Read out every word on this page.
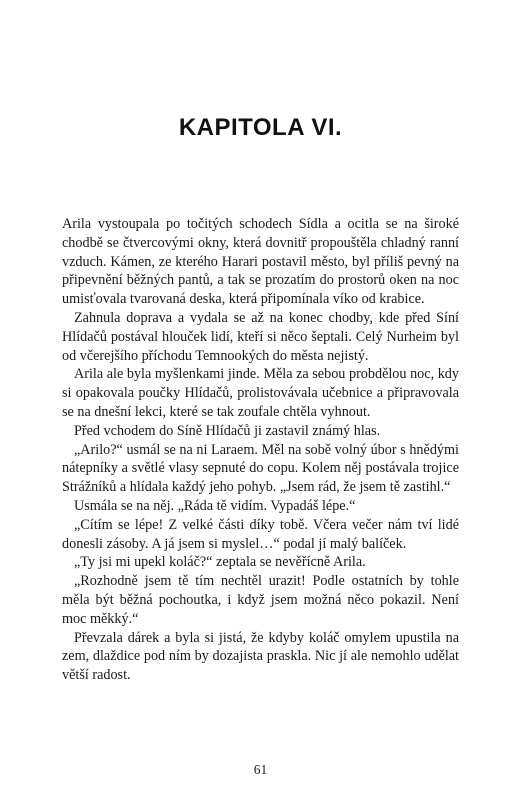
KAPITOLA VI.

Arila vystoupala po točitých schodech Sídla a ocitla se na široké chodbě se čtvercovými okny, která dovnitř propouštěla chladný ranní vzduch. Kámen, ze kterého Harari postavil město, byl příliš pevný na připevnění běžných pantů, a tak se prozatím do prostorů oken na noc umisťovala tvarovaná deska, která připomínala víko od krabice.

Zahnula doprava a vydala se až na konec chodby, kde před Síní Hlídačů postával hlouček lidí, kteří si něco šeptali. Celý Nurheim byl od včerejšího příchodu Temnookých do města nejistý.

Arila ale byla myšlenkami jinde. Měla za sebou probdělou noc, kdy si opakovala poučky Hlídačů, prolistovávala učebnice a připravovala se na dnešní lekci, které se tak zoufale chtěla vyhnout.

Před vchodem do Síně Hlídačů ji zastavil známý hlas.

„Arilo?“ usmál se na ni Laraem. Měl na sobě volný úbor s hnědými nátepníky a světlé vlasy sepnuté do copu. Kolem něj postávala trojice Strážníků a hlídala každý jeho pohyb. „Jsem rád, že jsem tě zastihl.“

Usmála se na něj. „Ráda tě vidím. Vypadáš lépe.“

„Cítím se lépe! Z velké části díky tobě. Včera večer nám tví lidé donesli zásoby. A já jsem si myslel…“ podal jí malý balíček.

„Ty jsi mi upekl koláč?“ zeptala se nevěřícně Arila.

„Rozhodně jsem tě tím nechtěl urazit! Podle ostatních by tohle měla být běžná pochoutka, i když jsem možná něco pokazil. Není moc měkký.“

Převzala dárek a byla si jistá, že kdyby koláč omylem upustila na zem, dlaždice pod ním by dozajista praskla. Nic jí ale nemohlo udělat větší radost.

61
